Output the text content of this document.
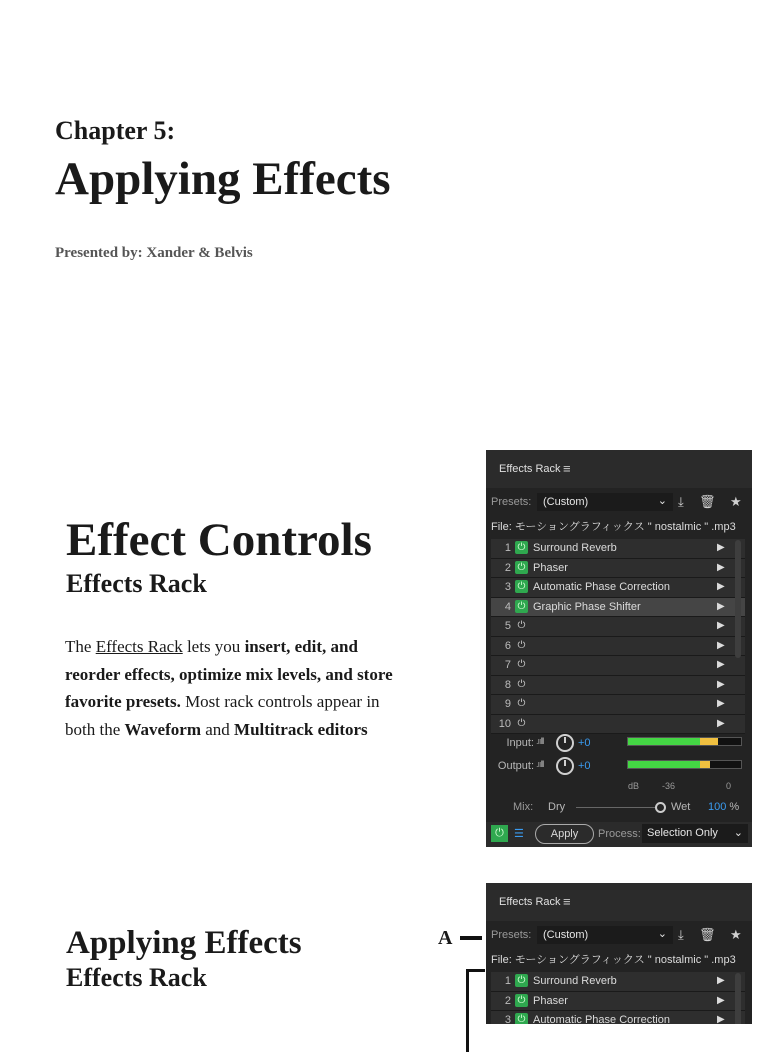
Chapter 5:
Applying Effects

Presented by: Xander & Belvis

Effect Controls
Effects Rack

The Effects Rack lets you insert, edit, and reorder effects, optimize mix levels, and store favorite presets. Most rack controls appear in both the Waveform and Multitrack editors

Applying Effects
Effects Rack
A
Effects Rack ≡
Presets: (Custom)	⌄ ⤓ 🗑 ★
File: モーショングラフィックス " nostalmic " .mp3
1 ⏻ Surround Reverb	▶
2 ⏻ Phaser	▶
3 ⏻ Automatic Phase Correction	▶
4 ⏻ Graphic Phase Shifter	▶
5 ⏻	▶
6 ⏻	▶
7 ⏻	▶
8 ⏻	▶
9 ⏻	▶
10 ⏻	▶
Input: .ıılll	+0
Output: .ıılll	+0
dB	-36	0
Mix: Dry	Wet 100 %
⏻ ☰	Apply	Process: Selection Only ⌄
Effects Rack ≡
Presets: (Custom)	⌄ ⤓ 🗑 ★
File: モーショングラフィックス " nostalmic " .mp3
1 ⏻ Surround Reverb	▶
2 ⏻ Phaser	▶
3 ⏻ Automatic Phase Correction	▶
